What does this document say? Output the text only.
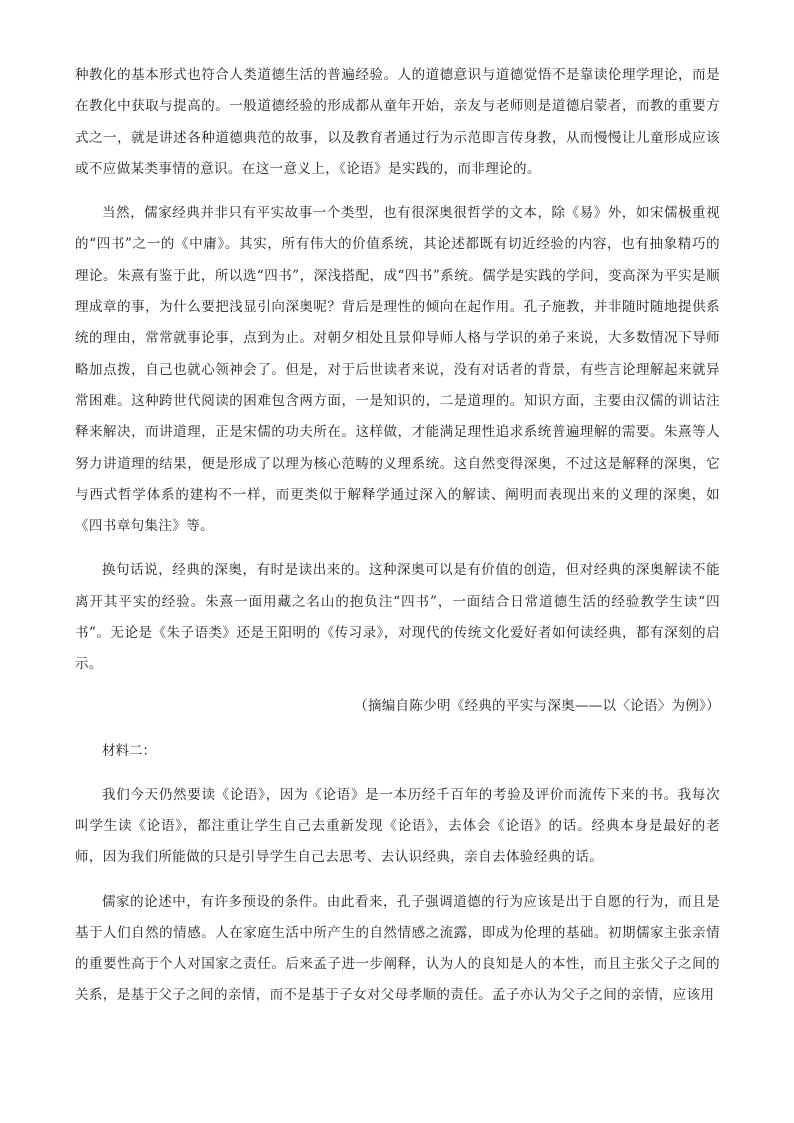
种教化的基本形式也符合人类道德生活的普遍经验。人的道德意识与道德觉悟不是靠读伦理学理论，而是在教化中获取与提高的。一般道德经验的形成都从童年开始，亲友与老师则是道德启蒙者，而教的重要方式之一，就是讲述各种道德典范的故事，以及教育者通过行为示范即言传身教，从而慢慢让儿童形成应该或不应做某类事情的意识。在这一意义上，《论语》是实践的，而非理论的。

当然，儒家经典并非只有平实故事一个类型，也有很深奥很哲学的文本，除《易》外，如宋儒极重视的“四书”之一的《中庸》。其实，所有伟大的价值系统，其论述都既有切近经验的内容，也有抽象精巧的理论。朱熹有鉴于此，所以选“四书”，深浅搭配，成“四书”系统。儒学是实践的学问，变高深为平实是顺理成章的事，为什么要把浅显引向深奥呢？背后是理性的倾向在起作用。孔子施教，并非随时随地提供系统的理由，常常就事论事，点到为止。对朝夕相处且景仰导师人格与学识的弟子来说，大多数情况下导师略加点拨，自己也就心领神会了。但是，对于后世读者来说，没有对话者的背景，有些言论理解起来就异常困难。这种跨世代阅读的困难包含两方面，一是知识的，二是道理的。知识方面，主要由汉儒的训诂注释来解决，而讲道理，正是宋儒的功夫所在。这样做，才能满足理性追求系统普遍理解的需要。朱熹等人努力讲道理的结果，便是形成了以理为核心范畴的义理系统。这自然变得深奥，不过这是解释的深奥，它与西式哲学体系的建构不一样，而更类似于解释学通过深入的解读、阐明而表现出来的义理的深奥，如《四书章句集注》等。

换句话说，经典的深奥，有时是读出来的。这种深奥可以是有价值的创造，但对经典的深奥解读不能离开其平实的经验。朱熹一面用藏之名山的抱负注“四书”，一面结合日常道德生活的经验教学生读“四书”。无论是《朱子语类》还是王阳明的《传习录》，对现代的传统文化爱好者如何读经典，都有深刻的启示。

（摘编自陈少明《经典的平实与深奥——以〈论语〉为例》）

材料二：

我们今天仍然要读《论语》，因为《论语》是一本历经千百年的考验及评价而流传下来的书。我每次叫学生读《论语》，都注重让学生自己去重新发现《论语》，去体会《论语》的话。经典本身是最好的老师，因为我们所能做的只是引导学生自己去思考、去认识经典，亲自去体验经典的话。

儒家的论述中，有许多预设的条件。由此看来，孔子强调道德的行为应该是出于自愿的行为，而且是基于人们自然的情感。人在家庭生活中所产生的自然情感之流露，即成为伦理的基础。初期儒家主张亲情的重要性高于个人对国家之责任。后来孟子进一步阐释，认为人的良知是人的本性，而且主张父子之间的关系，是基于父子之间的亲情，而不是基于子女对父母孝顺的责任。孟子亦认为父子之间的亲情，应该用
